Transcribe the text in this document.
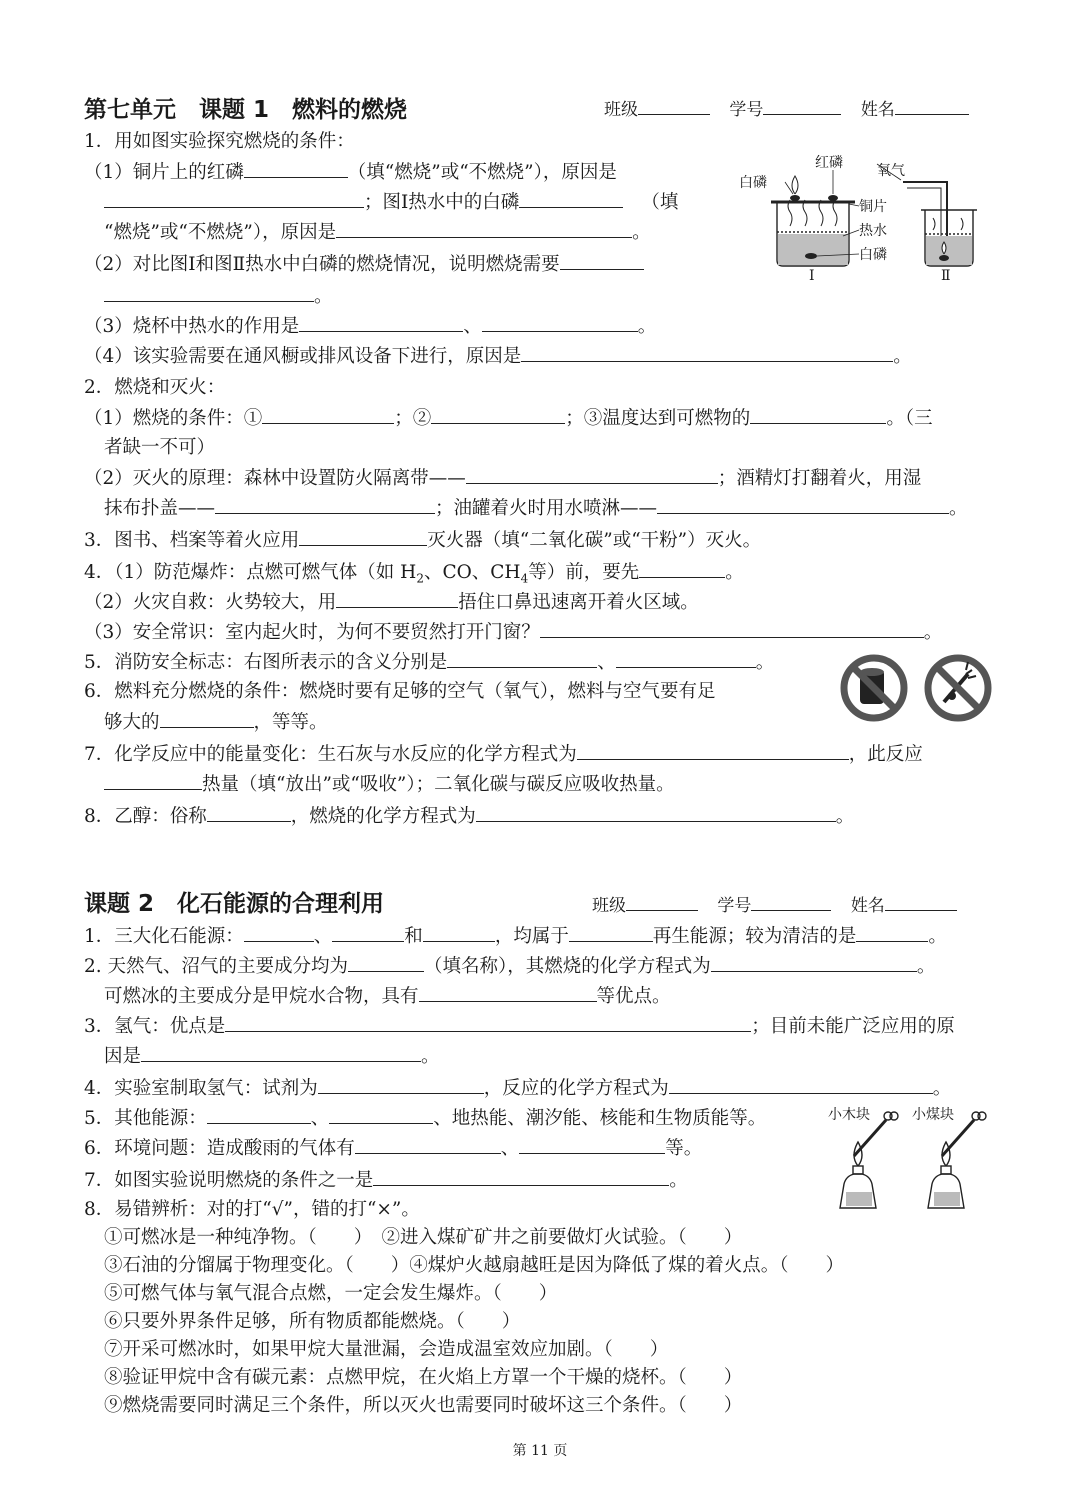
第七单元　课题 1　燃料的燃烧	班级	学号	姓名
1．用如图实验探究燃烧的条件：
（1）铜片上的红磷	（填“燃烧”或“不燃烧”），原因是
；图Ⅰ热水中的白磷	（填
“燃烧”或“不燃烧”），原因是	。
（2）对比图Ⅰ和图Ⅱ热水中白磷的燃烧情况，说明燃烧需要
。
（3）烧杯中热水的作用是	、	。
（4）该实验需要在通风橱或排风设备下进行，原因是	。
白磷
红磷 氧气
铜片
热水
白磷
Ⅰ	Ⅱ
2．燃烧和灭火：
（1）燃烧的条件：①	；②	；③温度达到可燃物的	。（三
者缺一不可）
（2）灭火的原理：森林中设置防火隔离带——	；酒精灯打翻着火，用湿
抹布扑盖——	；油罐着火时用水喷淋——	。
3．图书、档案等着火应用	灭火器（填“二氧化碳”或“干粉”）灭火。
4．（1）防范爆炸：点燃可燃气体（如 $H_2$、CO、$CH_4$等）前，要先	。
（2）火灾自救：火势较大，用	捂住口鼻迅速离开着火区域。
（3）安全常识：室内起火时，为何不要贸然打开门窗？	。
5．消防安全标志：右图所表示的含义分别是	、	。
6．燃料充分燃烧的条件：燃烧时要有足够的空气（氧气），燃料与空气要有足
够大的	，等等。
7．化学反应中的能量变化：生石灰与水反应的化学方程式为	，此反应
热量（填“放出”或“吸收”）；二氧化碳与碳反应吸收热量。
8．乙醇：俗称	，燃烧的化学方程式为	。
课题 2　化石能源的合理利用	班级	学号	姓名
1．三大化石能源：	、	和	，均属于	再生能源；较为清洁的是	。
2. 天然气、沼气的主要成分均为	（填名称），其燃烧的化学方程式为	。
可燃冰的主要成分是甲烷水合物，具有	等优点。
3．氢气：优点是	；目前未能广泛应用的原
因是	。
4．实验室制取氢气：试剂为	，反应的化学方程式为	。
5．其他能源：	、	、地热能、潮汐能、核能和生物质能等。
6．环境问题：造成酸雨的气体有	、	等。
7．如图实验说明燃烧的条件之一是	。
8．易错辨析：对的打“√”，错的打“×”。
小木块	小煤块
①可燃冰是一种纯净物。（　　）　②进入煤矿矿井之前要做灯火试验。（　　）
③石油的分馏属于物理变化。（　　）④煤炉火越扇越旺是因为降低了煤的着火点。（　　）
⑤可燃气体与氧气混合点燃，一定会发生爆炸。（　　）
⑥只要外界条件足够，所有物质都能燃烧。（　　）
⑦开采可燃冰时，如果甲烷大量泄漏，会造成温室效应加剧。（　　）
⑧验证甲烷中含有碳元素：点燃甲烷，在火焰上方罩一个干燥的烧杯。（　　）
⑨燃烧需要同时满足三个条件，所以灭火也需要同时破坏这三个条件。（　　）
第 11 页
